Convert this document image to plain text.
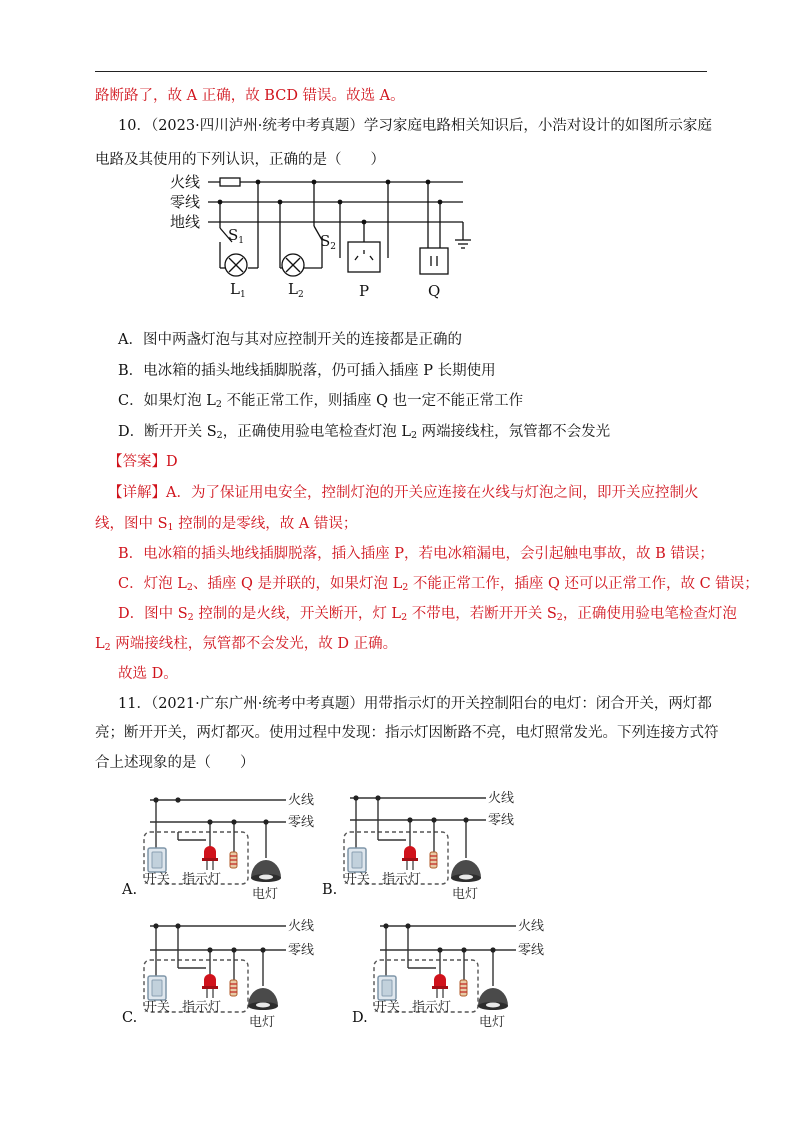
路断路了，故 A 正确，故 BCD 错误。故选 A。
10．（2023·四川泸州·统考中考真题）学习家庭电路相关知识后，小浩对设计的如图所示家庭
电路及其使用的下列认识，正确的是（　　）
火线
零线
地线
$S_1$	$S_2$
$L_1$	$L_2$	P	Q
A．图中两盏灯泡与其对应控制开关的连接都是正确的
B．电冰箱的插头地线插脚脱落，仍可插入插座 P 长期使用
C．如果灯泡 $L_2$ 不能正常工作，则插座 Q 也一定不能正常工作
D．断开开关 $S_2$，正确使用验电笔检查灯泡 $L_2$ 两端接线柱，氖管都不会发光
【答案】D
【详解】A．为了保证用电安全，控制灯泡的开关应连接在火线与灯泡之间，即开关应控制火
线，图中 $S_1$ 控制的是零线，故 A 错误；
B．电冰箱的插头地线插脚脱落，插入插座 P，若电冰箱漏电，会引起触电事故，故 B 错误；
C．灯泡 $L_2$、插座 Q 是并联的，如果灯泡 $L_2$ 不能正常工作，插座 Q 还可以正常工作，故 C 错误；
D．图中 $S_2$ 控制的是火线，开关断开，灯 $L_2$ 不带电，若断开开关 $S_2$，正确使用验电笔检查灯泡
$L_2$ 两端接线柱，氖管都不会发光，故 D 正确。
故选 D。
11．（2021·广东广州·统考中考真题）用带指示灯的开关控制阳台的电灯：闭合开关，两灯都
亮；断开开关，两灯都灭。使用过程中发现：指示灯因断路不亮，电灯照常发光。下列连接方式符
合上述现象的是（　　）
火线
零线
开关 指示灯
电灯
A.
火线
零线
开关 指示灯
电灯
B.
火线
零线
开关 指示灯
电灯
C.
火线
零线
开关 指示灯
电灯
D.
